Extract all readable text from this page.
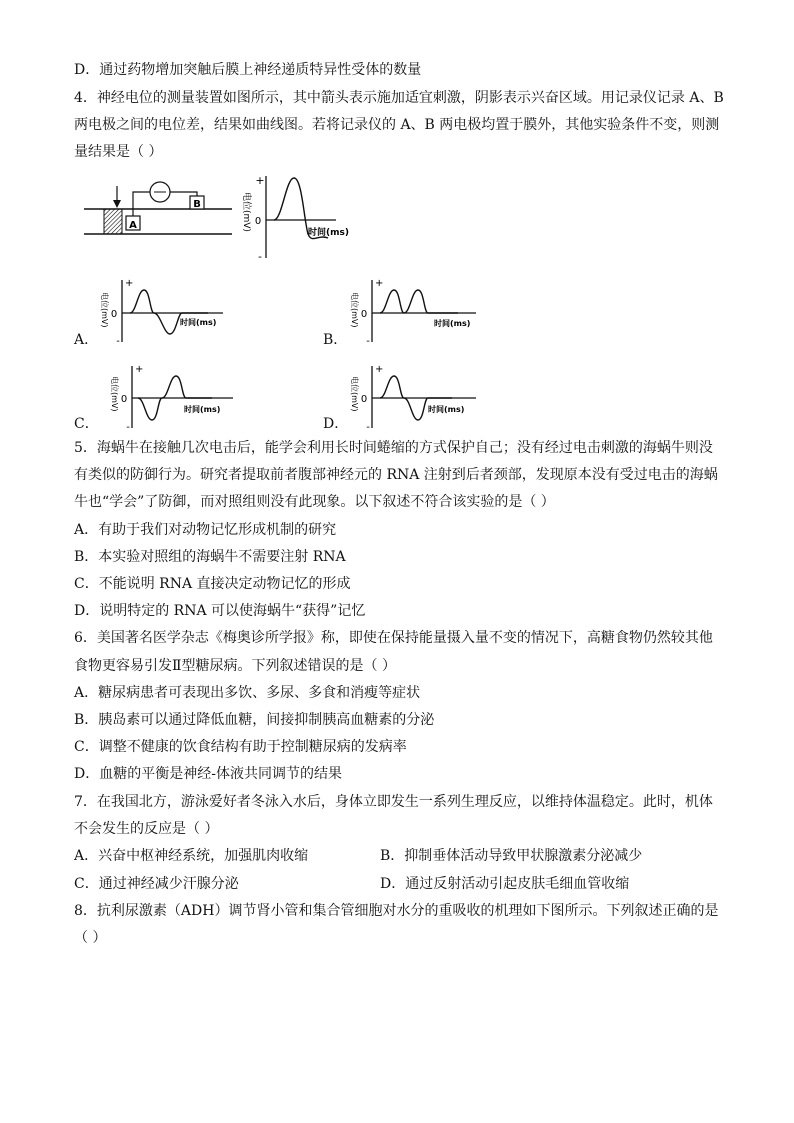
D．通过药物增加突触后膜上神经递质特异性受体的数量
4．神经电位的测量装置如图所示，其中箭头表示施加适宜刺激，阴影表示兴奋区域。用记录仪记录 A、B
两电极之间的电位差，结果如曲线图。若将记录仪的 A、B 两电极均置于膜外，其他实验条件不变，则测
量结果是（ ）
A
B
+
0
-
电位(mV)
时间(ms)
A．
+
0
-
电位(mV)	时间(ms)
B．
+
0
-
电位(mV)	时间(ms)
C．
+
0
-
电位(mV)	时间(ms)
D．
+
0
-
电位(mV)	时间(ms)
5．海蜗牛在接触几次电击后，能学会利用长时间蜷缩的方式保护自己；没有经过电击刺激的海蜗牛则没
有类似的防御行为。研究者提取前者腹部神经元的 RNA 注射到后者颈部，发现原本没有受过电击的海蜗
牛也“学会”了防御，而对照组则没有此现象。以下叙述不符合该实验的是（ ）
A．有助于我们对动物记忆形成机制的研究
B．本实验对照组的海蜗牛不需要注射 RNA
C．不能说明 RNA 直接决定动物记忆的形成
D．说明特定的 RNA 可以使海蜗牛“获得”记忆
6．美国著名医学杂志《梅奥诊所学报》称，即使在保持能量摄入量不变的情况下，高糖食物仍然较其他
食物更容易引发Ⅱ型糖尿病。下列叙述错误的是（ ）
A．糖尿病患者可表现出多饮、多尿、多食和消瘦等症状
B．胰岛素可以通过降低血糖，间接抑制胰高血糖素的分泌
C．调整不健康的饮食结构有助于控制糖尿病的发病率
D．血糖的平衡是神经-体液共同调节的结果
7．在我国北方，游泳爱好者冬泳入水后，身体立即发生一系列生理反应，以维持体温稳定。此时，机体
不会发生的反应是（ ）
A．兴奋中枢神经系统，加强肌肉收缩	B．抑制垂体活动导致甲状腺激素分泌减少
C．通过神经减少汗腺分泌	D．通过反射活动引起皮肤毛细血管收缩
8．抗利尿激素（ADH）调节肾小管和集合管细胞对水分的重吸收的机理如下图所示。下列叙述正确的是
（ ）
